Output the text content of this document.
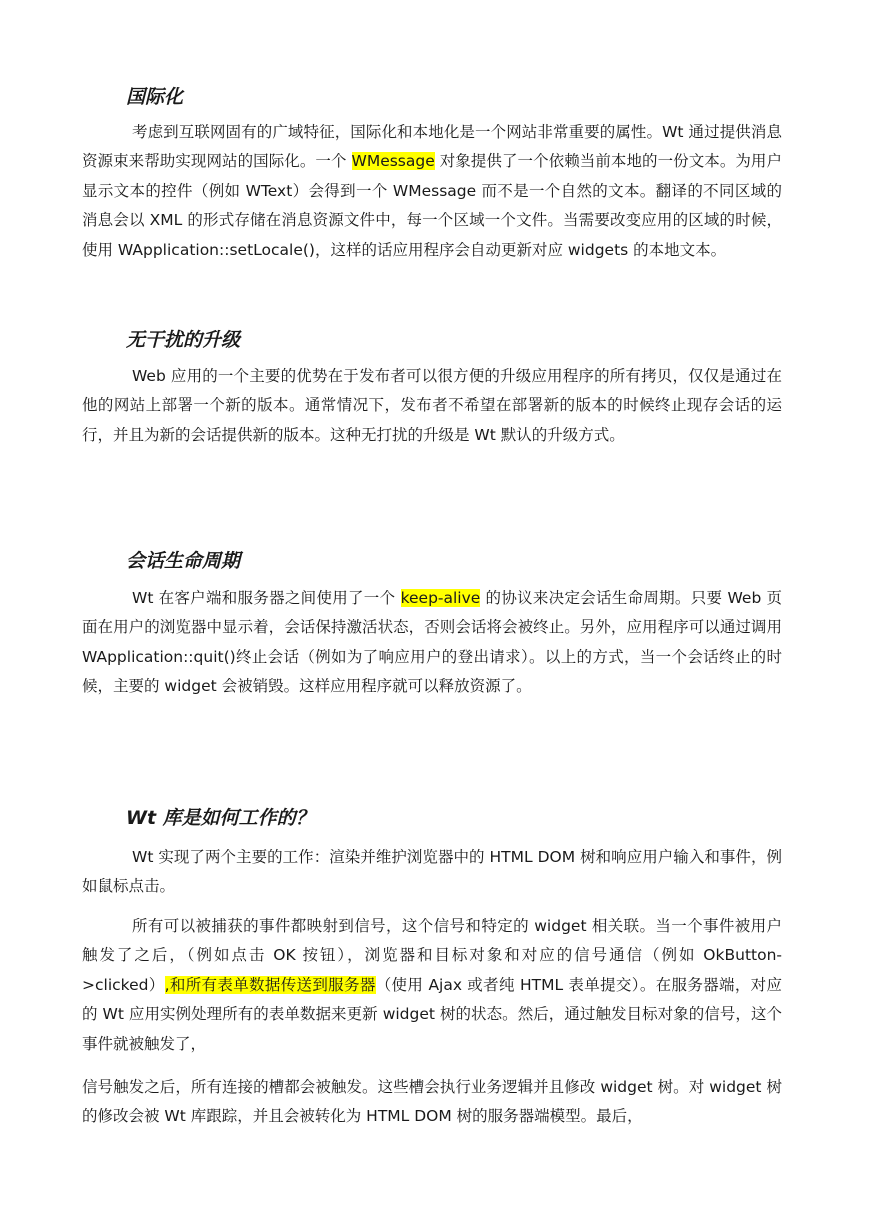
国际化

考虑到互联网固有的广域特征，国际化和本地化是一个网站非常重要的属性。Wt 通过提供消息资源束来帮助实现网站的国际化。一个 WMessage 对象提供了一个依赖当前本地的一份文本。为用户显示文本的控件（例如 WText）会得到一个 WMessage 而不是一个自然的文本。翻译的不同区域的消息会以 XML 的形式存储在消息资源文件中，每一个区域一个文件。当需要改变应用的区域的时候，使用 WApplication::setLocale()，这样的话应用程序会自动更新对应 widgets 的本地文本。

无干扰的升级

Web 应用的一个主要的优势在于发布者可以很方便的升级应用程序的所有拷贝，仅仅是通过在他的网站上部署一个新的版本。通常情况下，发布者不希望在部署新的版本的时候终止现存会话的运行，并且为新的会话提供新的版本。这种无打扰的升级是 Wt 默认的升级方式。

会话生命周期

Wt 在客户端和服务器之间使用了一个 keep-alive 的协议来决定会话生命周期。只要 Web 页面在用户的浏览器中显示着，会话保持激活状态，否则会话将会被终止。另外，应用程序可以通过调用 WApplication::quit()终止会话（例如为了响应用户的登出请求）。以上的方式，当一个会话终止的时候，主要的 widget 会被销毁。这样应用程序就可以释放资源了。

Wt 库是如何工作的？

Wt 实现了两个主要的工作：渲染并维护浏览器中的 HTML DOM 树和响应用户输入和事件，例如鼠标点击。

所有可以被捕获的事件都映射到信号，这个信号和特定的 widget 相关联。当一个事件被用户触发了之后，（例如点击 OK 按钮），浏览器和目标对象和对应的信号通信（例如 OkButton->clicked）,和所有表单数据传送到服务器（使用 Ajax 或者纯 HTML 表单提交）。在服务器端，对应的 Wt 应用实例处理所有的表单数据来更新 widget 树的状态。然后，通过触发目标对象的信号，这个事件就被触发了，

信号触发之后，所有连接的槽都会被触发。这些槽会执行业务逻辑并且修改 widget 树。对 widget 树的修改会被 Wt 库跟踪，并且会被转化为 HTML DOM 树的服务器端模型。最后，
